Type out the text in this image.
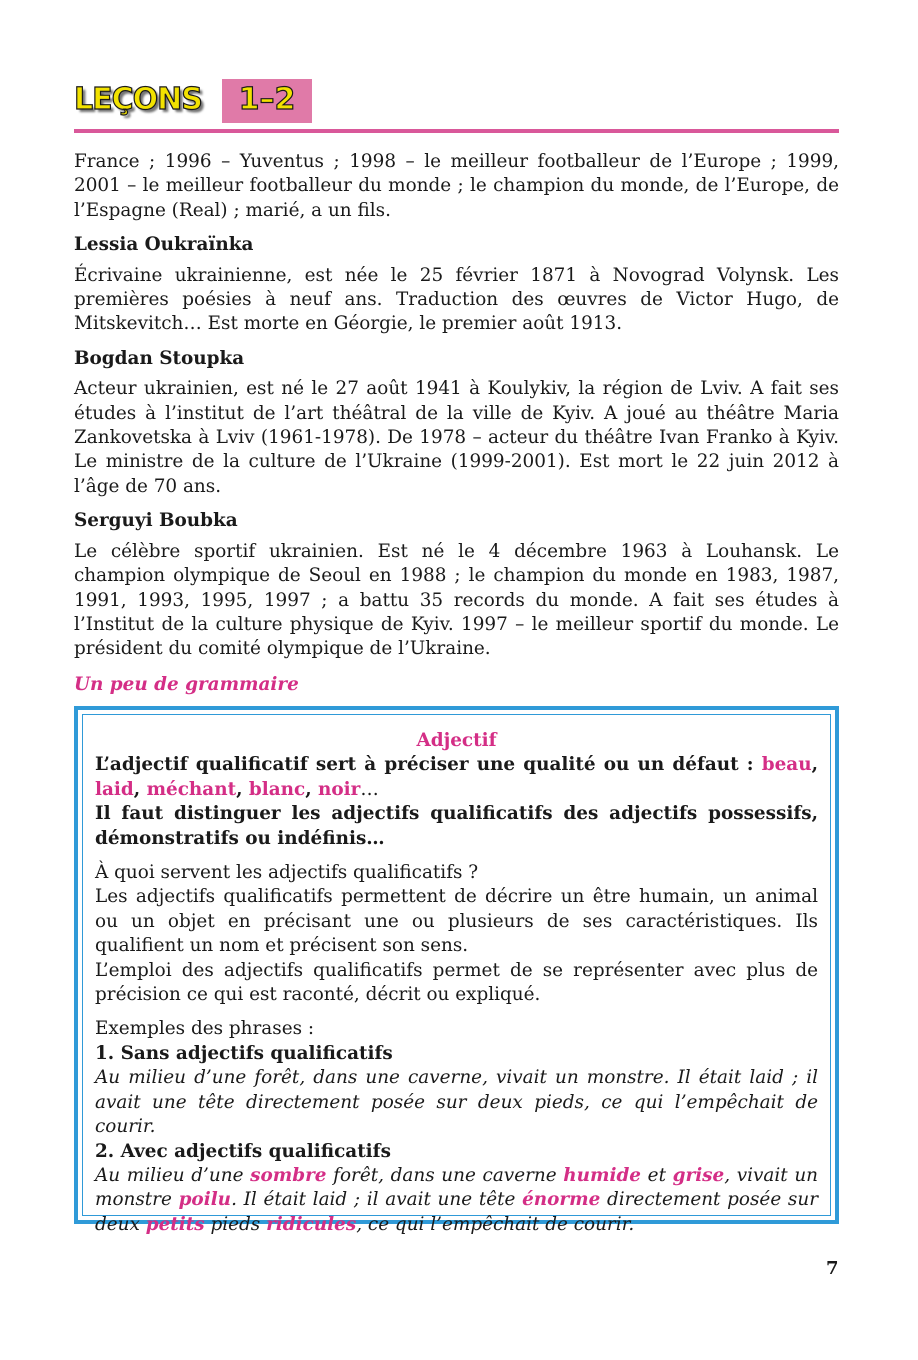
LEÇONS	1–2

France ; 1996 – Yuventus ; 1998 – le meilleur footballeur de l’Europe ; 1999, 2001 – le meilleur footballeur du monde ; le champion du monde, de l’Europe, de l’Espagne (Real) ; marié, a un fils.

Lessia Oukraïnka

Écrivaine ukrainienne, est née le 25 février 1871 à Novograd Volynsk. Les premières poésies à neuf ans. Traduction des œuvres de Victor Hugo, de Mitskevitch… Est morte en Géorgie, le premier août 1913.

Bogdan Stoupka

Acteur ukrainien, est né le 27 août 1941 à Koulykiv, la région de Lviv. A fait ses études à l’institut de l’art théâtral de la ville de Kyiv. A joué au théâtre Maria Zankovetska à Lviv (1961-1978). De 1978 – acteur du théâtre Ivan Franko à Kyiv. Le ministre de la culture de l’Ukraine (1999-2001). Est mort le 22 juin 2012 à l’âge de 70 ans.

Serguyi Boubka

Le célèbre sportif ukrainien. Est né le 4 décembre 1963 à Louhansk. Le champion olympique de Seoul en 1988 ; le champion du monde en 1983, 1987, 1991, 1993, 1995, 1997 ; a battu 35 records du monde. A fait ses études à l’Institut de la culture physique de Kyiv. 1997 – le meilleur sportif du monde. Le président du comité olympique de l’Ukraine.

Un peu de grammaire

Adjectif

L’adjectif qualificatif sert à préciser une qualité ou un défaut : beau, laid, méchant, blanc, noir…

Il faut distinguer les adjectifs qualificatifs des adjectifs possessifs, démonstratifs ou indéfinis…

À quoi servent les adjectifs qualificatifs ?

Les adjectifs qualificatifs permettent de décrire un être humain, un animal ou un objet en précisant une ou plusieurs de ses caractéristiques. Ils qualifient un nom et précisent son sens.

L’emploi des adjectifs qualificatifs permet de se représenter avec plus de précision ce qui est raconté, décrit ou expliqué.

Exemples des phrases :

1. Sans adjectifs qualificatifs

Au milieu d’une forêt, dans une caverne, vivait un monstre. Il était laid ; il avait une tête directement posée sur deux pieds, ce qui l’empêchait de courir.

2. Avec adjectifs qualificatifs

Au milieu d’une sombre forêt, dans une caverne humide et grise, vivait un monstre poilu. Il était laid ; il avait une tête énorme directement posée sur deux petits pieds ridicules, ce qui l’empêchait de courir.

7
